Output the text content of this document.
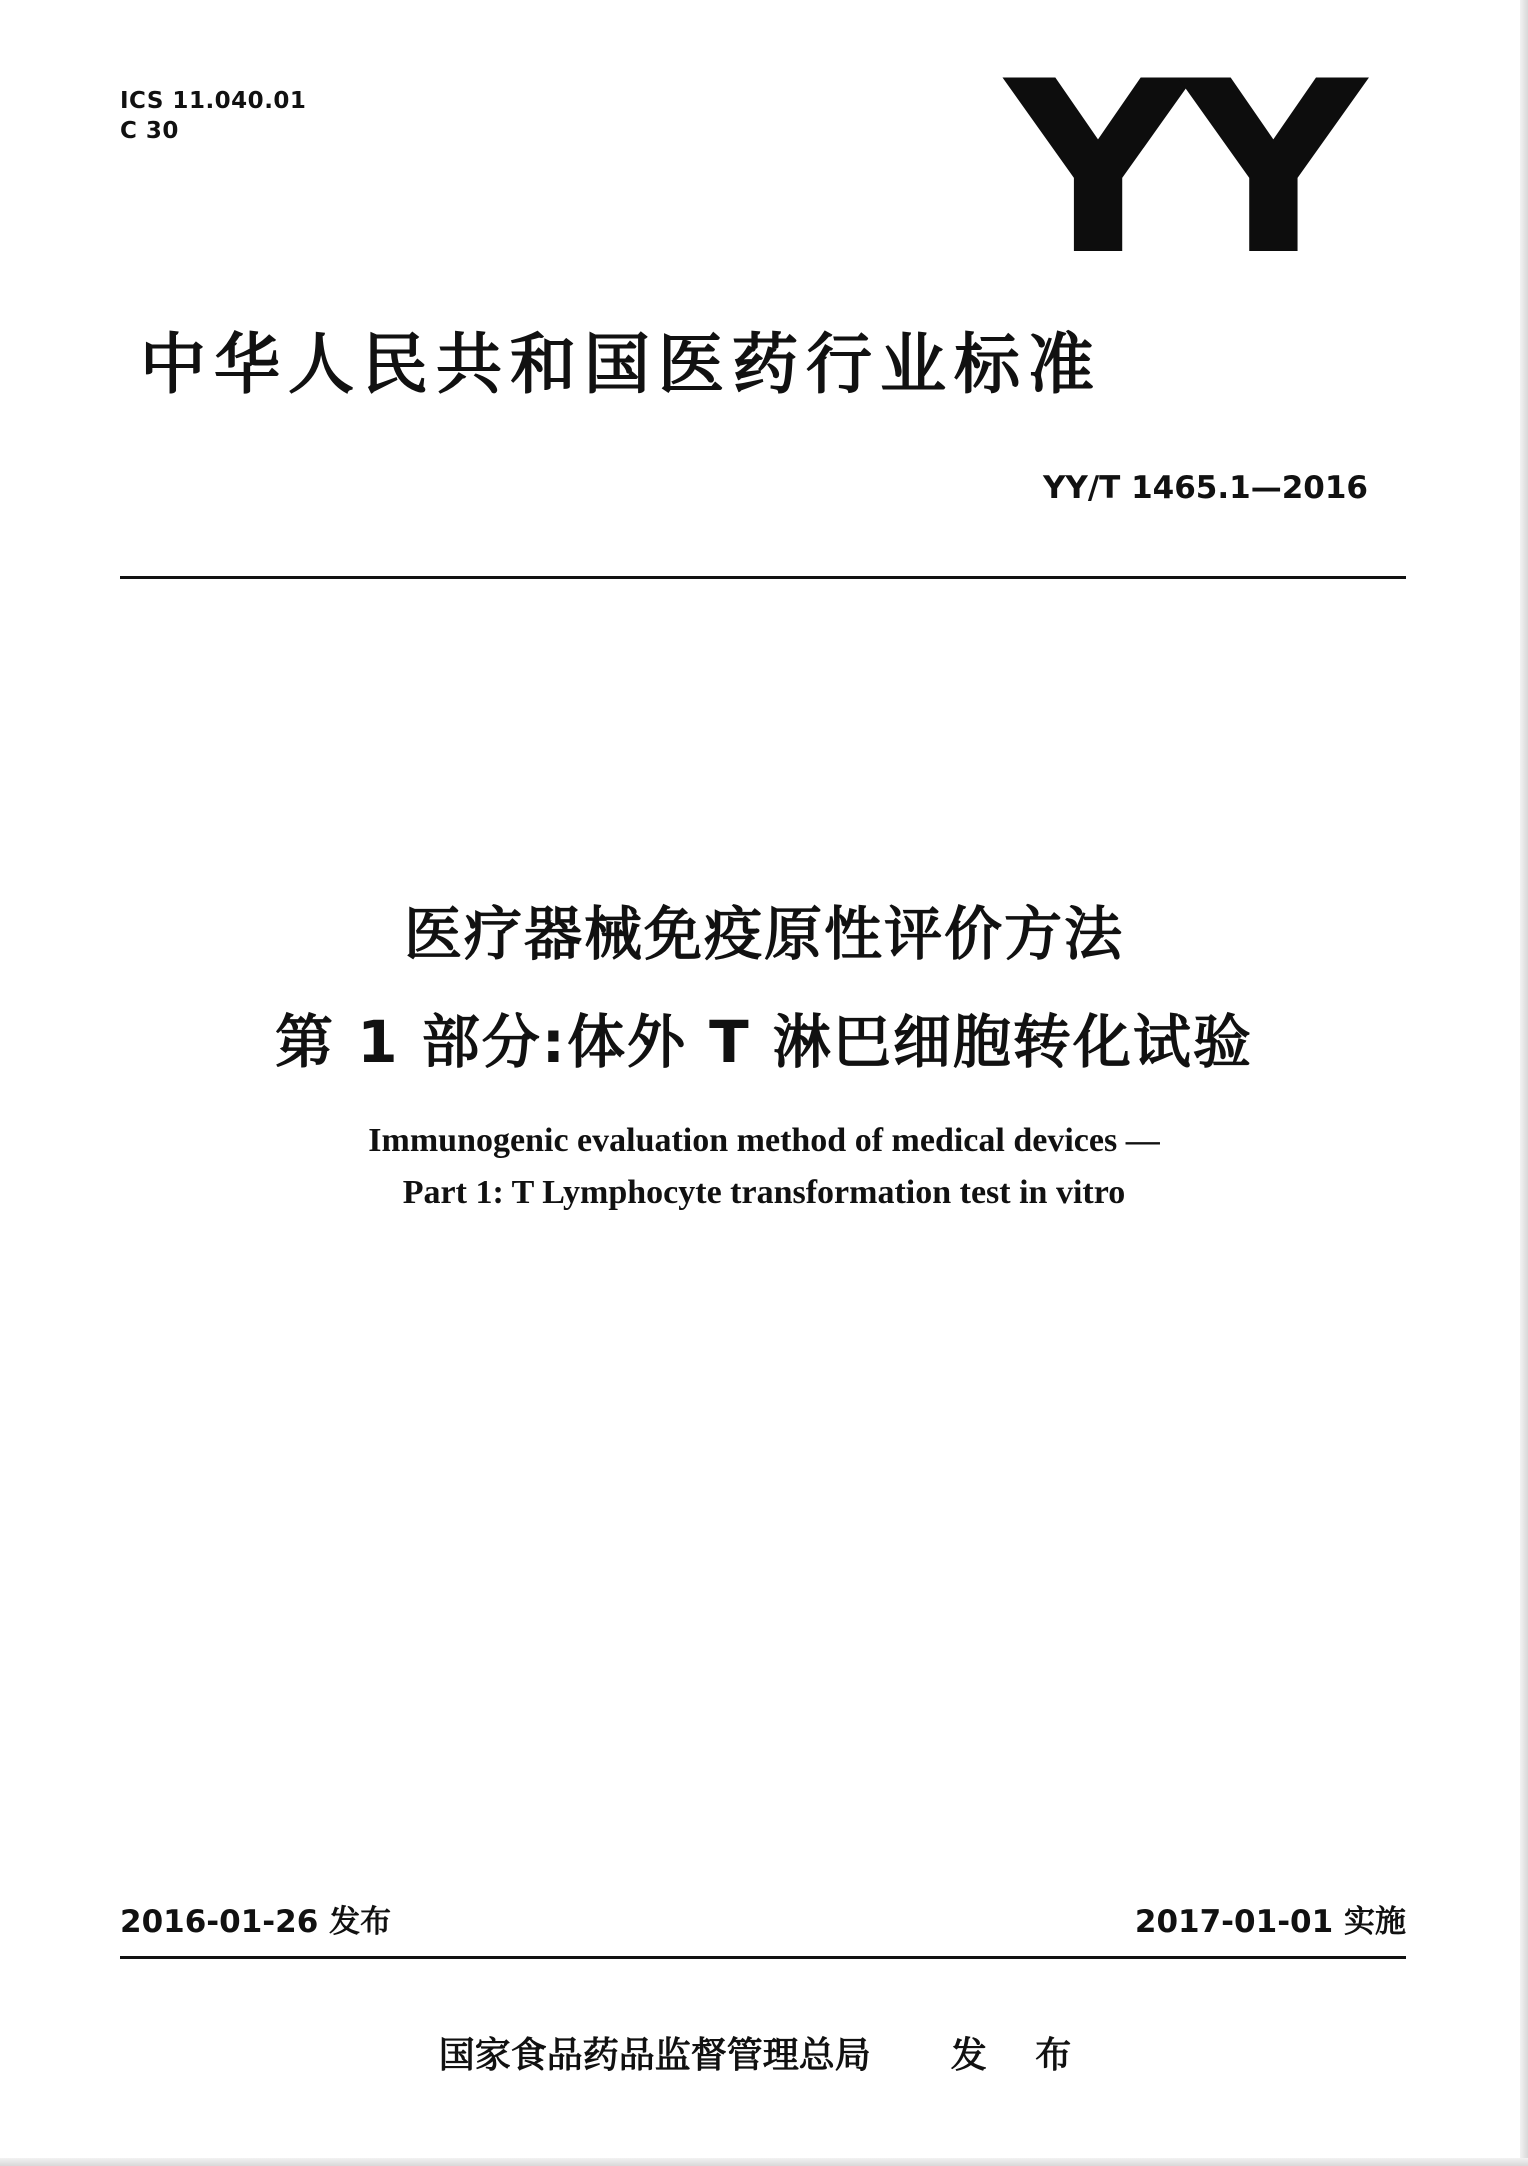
ICS 11.040.01
C 30	YY
中华人民共和国医药行业标准
YY/T 1465.1—2016
医疗器械免疫原性评价方法
第 1 部分:体外 T 淋巴细胞转化试验
Immunogenic evaluation method of medical devices —
Part 1: T Lymphocyte transformation test in vitro
2016-01-26 发布	2017-01-01 实施
国家食品药品监督管理总局 发 布
